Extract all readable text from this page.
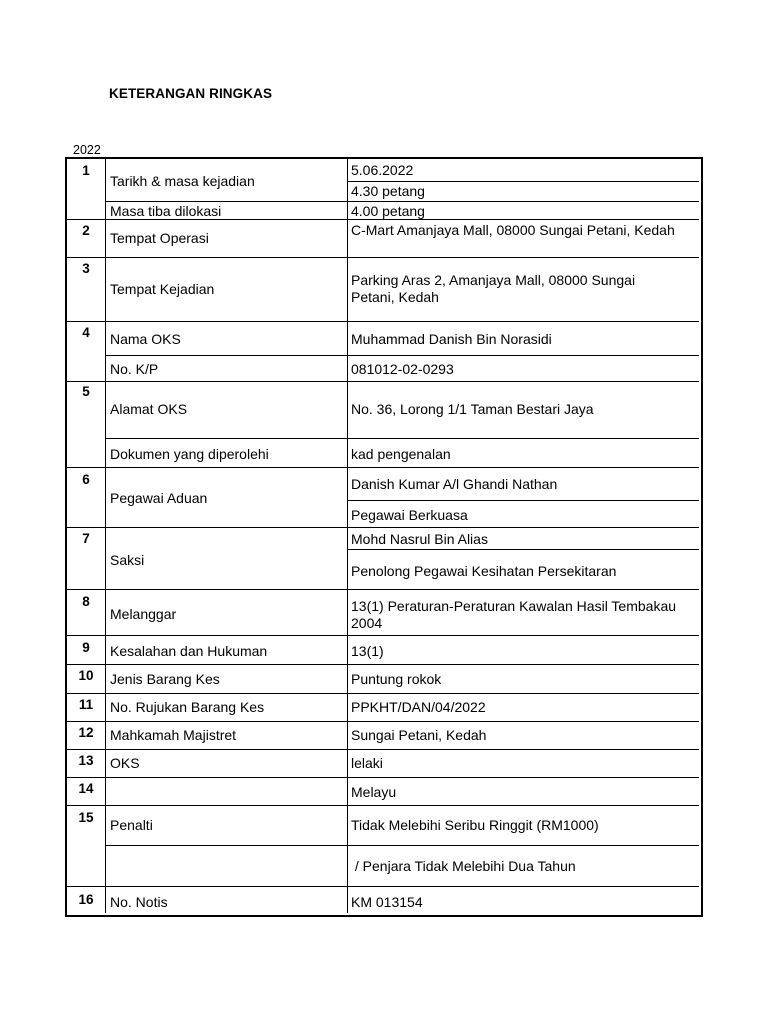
KETERANGAN RINGKAS
2022
1
2
3
4
5
6
7
8
9
10
11
12
13
14
15
16
Tarikh & masa kejadian
Masa tiba dilokasi
Tempat Operasi
Tempat Kejadian
Nama OKS
No. K/P
Alamat OKS
Dokumen yang diperolehi
Pegawai Aduan
Saksi
Melanggar
Kesalahan dan Hukuman
Jenis Barang Kes
No. Rujukan Barang Kes
Mahkamah Majistret
OKS
Penalti
No. Notis
5.06.2022
4.30 petang
4.00 petang
C-Mart Amanjaya Mall, 08000 Sungai Petani, Kedah
Parking Aras 2, Amanjaya Mall, 08000 Sungai Petani, Kedah
Muhammad Danish Bin Norasidi
081012-02-0293
No. 36, Lorong 1/1 Taman Bestari Jaya
kad pengenalan
Danish Kumar A/l Ghandi Nathan
Pegawai Berkuasa
Mohd Nasrul Bin Alias
Penolong Pegawai Kesihatan Persekitaran
13(1) Peraturan-Peraturan Kawalan Hasil Tembakau 2004
13(1)
Puntung rokok
PPKHT/DAN/04/2022
Sungai Petani, Kedah
lelaki
Melayu
Tidak Melebihi Seribu Ringgit (RM1000)
/ Penjara Tidak Melebihi Dua Tahun
KM 013154
